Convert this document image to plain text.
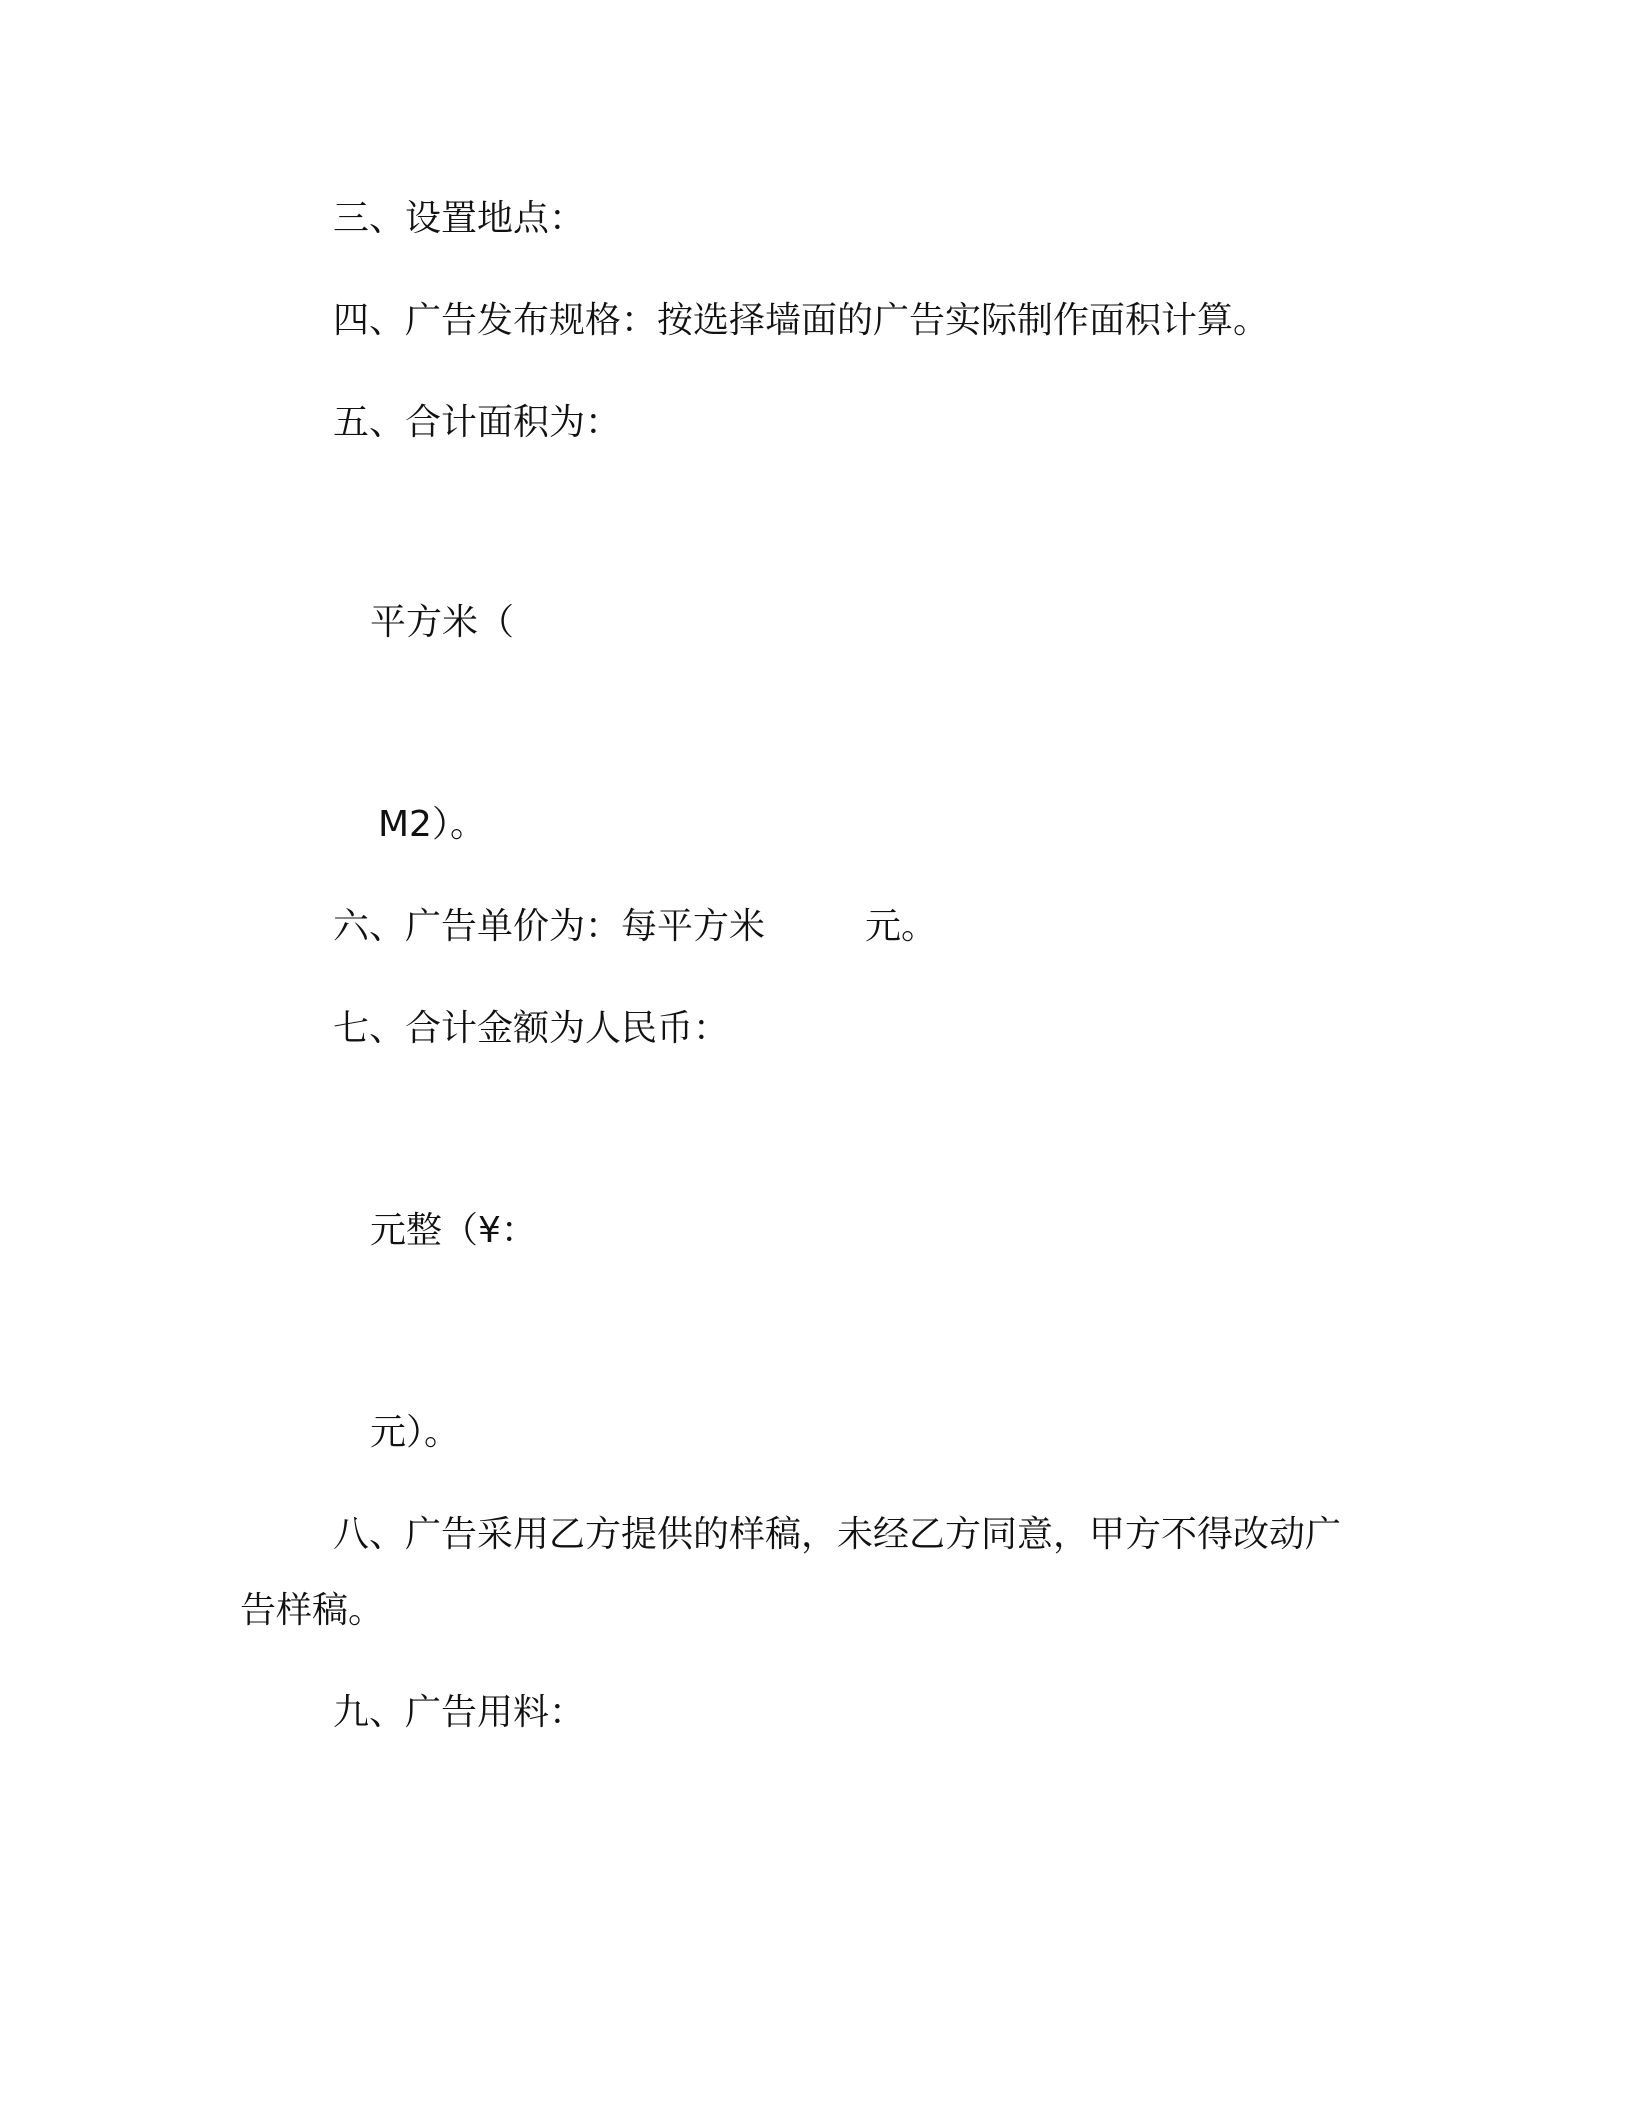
三、设置地点：
四、广告发布规格：按选择墙面的广告实际制作面积计算。
五、合计面积为：
平方米（
M2）。
六、广告单价为：每平方米	元。
七、合计金额为人民币：
元整（¥：
元）。
八、广告采用乙方提供的样稿，未经乙方同意，甲方不得改动广
告样稿。
九、广告用料：
